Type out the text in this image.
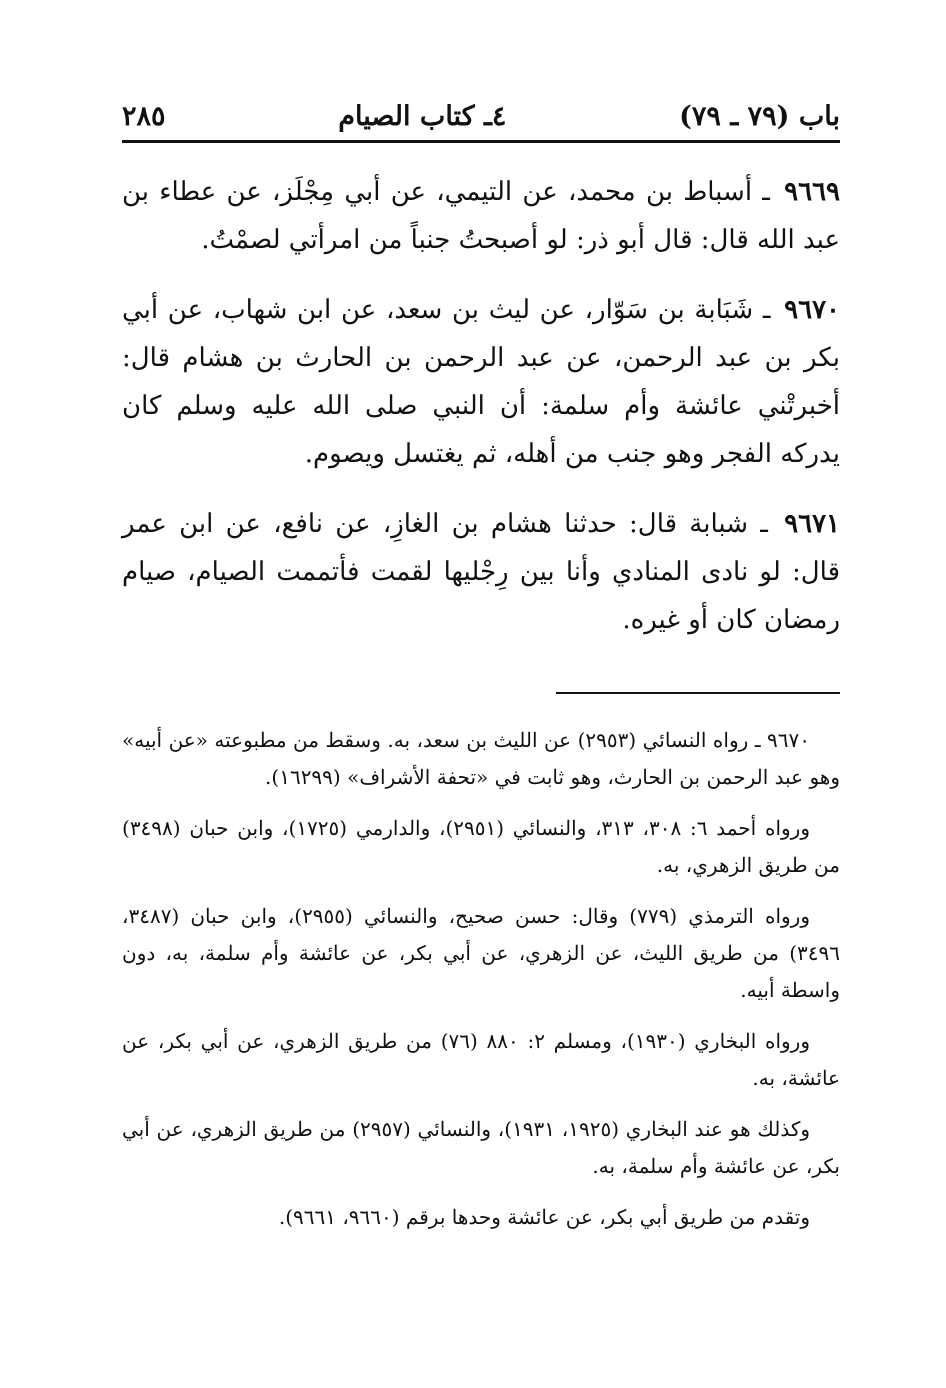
باب (٧٩ ـ ٧٩)
٤ـ كتاب الصيام
٢٨٥

٩٦٦٩ ـ أسباط بن محمد، عن التيمي، عن أبي مِجْلَز، عن عطاء بن عبد الله قال: قال أبو ذر: لو أصبحتُ جنباً من امرأتي لصمْتُ.

٩٦٧٠ ـ شَبَابة بن سَوّار، عن ليث بن سعد، عن ابن شهاب، عن أبي بكر بن عبد الرحمن، عن عبد الرحمن بن الحارث بن هشام قال: أخبرتْني عائشة وأم سلمة: أن النبي صلى الله عليه وسلم كان يدركه الفجر وهو جنب من أهله، ثم يغتسل ويصوم.

٩٦٧١ ـ شبابة قال: حدثنا هشام بن الغازِ، عن نافع، عن ابن عمر قال: لو نادى المنادي وأنا بين رِجْليها لقمت فأتممت الصيام، صيام رمضان كان أو غيره.

٩٦٧٠ ـ رواه النسائي (٢٩٥٣) عن الليث بن سعد، به. وسقط من مطبوعته «عن أبيه» وهو عبد الرحمن بن الحارث، وهو ثابت في «تحفة الأشراف» (١٦٢٩٩).

ورواه أحمد ٦: ٣٠٨، ٣١٣، والنسائي (٢٩٥١)، والدارمي (١٧٢٥)، وابن حبان (٣٤٩٨) من طريق الزهري، به.

ورواه الترمذي (٧٧٩) وقال: حسن صحيح، والنسائي (٢٩٥٥)، وابن حبان (٣٤٨٧، ٣٤٩٦) من طريق الليث، عن الزهري، عن أبي بكر، عن عائشة وأم سلمة، به، دون واسطة أبيه.

ورواه البخاري (١٩٣٠)، ومسلم ٢: ٨٨٠ (٧٦) من طريق الزهري، عن أبي بكر، عن عائشة، به.

وكذلك هو عند البخاري (١٩٢٥، ١٩٣١)، والنسائي (٢٩٥٧) من طريق الزهري، عن أبي بكر، عن عائشة وأم سلمة، به.

وتقدم من طريق أبي بكر، عن عائشة وحدها برقم (٩٦٦٠، ٩٦٦١).
